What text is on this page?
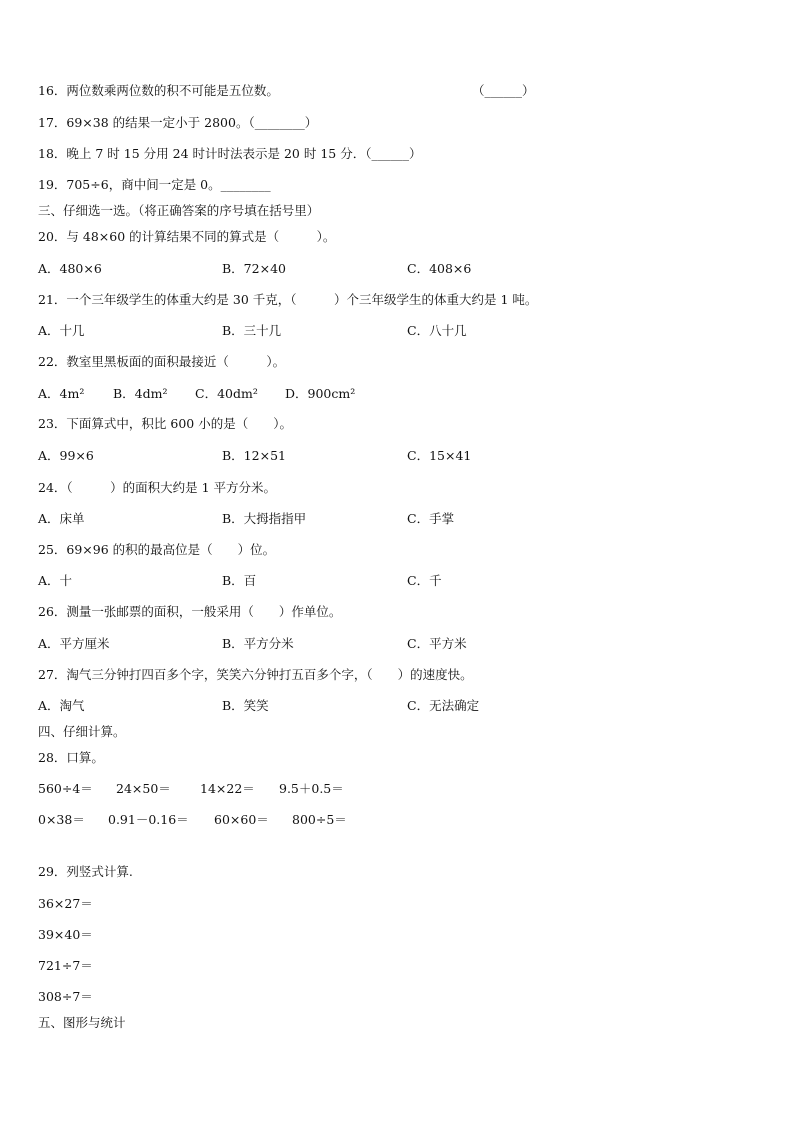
16．两位数乘两位数的积不可能是五位数。	（______）
17．69×38 的结果一定小于 2800。（________）
18．晚上 7 时 15 分用 24 时计时法表示是 20 时 15 分．（______）
19．705÷6，商中间一定是 0。________
三、仔细选一选。（将正确答案的序号填在括号里）
20．与 48×60 的计算结果不同的算式是（　　　）。
A．480×6	B．72×40	C．408×6
21．一个三年级学生的体重大约是 30 千克，（　　　）个三年级学生的体重大约是 1 吨。
A．十几	B．三十几	C．八十几
22．教室里黑板面的面积最接近（　　　）。
A．4m² B．4dm² C．40dm² D．900cm²
23．下面算式中，积比 600 小的是（　　）。
A．99×6	B．12×51	C．15×41
24．（　　　）的面积大约是 1 平方分米。
A．床单	B．大拇指指甲	C．手掌
25．69×96 的积的最高位是（　　）位。
A．十	B．百	C．千
26．测量一张邮票的面积，一般采用（　　）作单位。
A．平方厘米	B．平方分米	C．平方米
27．淘气三分钟打四百多个字，笑笑六分钟打五百多个字，（　　）的速度快。
A．淘气	B．笑笑	C．无法确定
四、仔细计算。
28．口算。
560÷4＝ 24×50＝ 14×22＝ 9.5＋0.5＝
0×38＝ 0.91－0.16＝ 60×60＝ 800÷5＝
29．列竖式计算.
36×27＝
39×40＝
721÷7＝
308÷7＝
五、图形与统计
